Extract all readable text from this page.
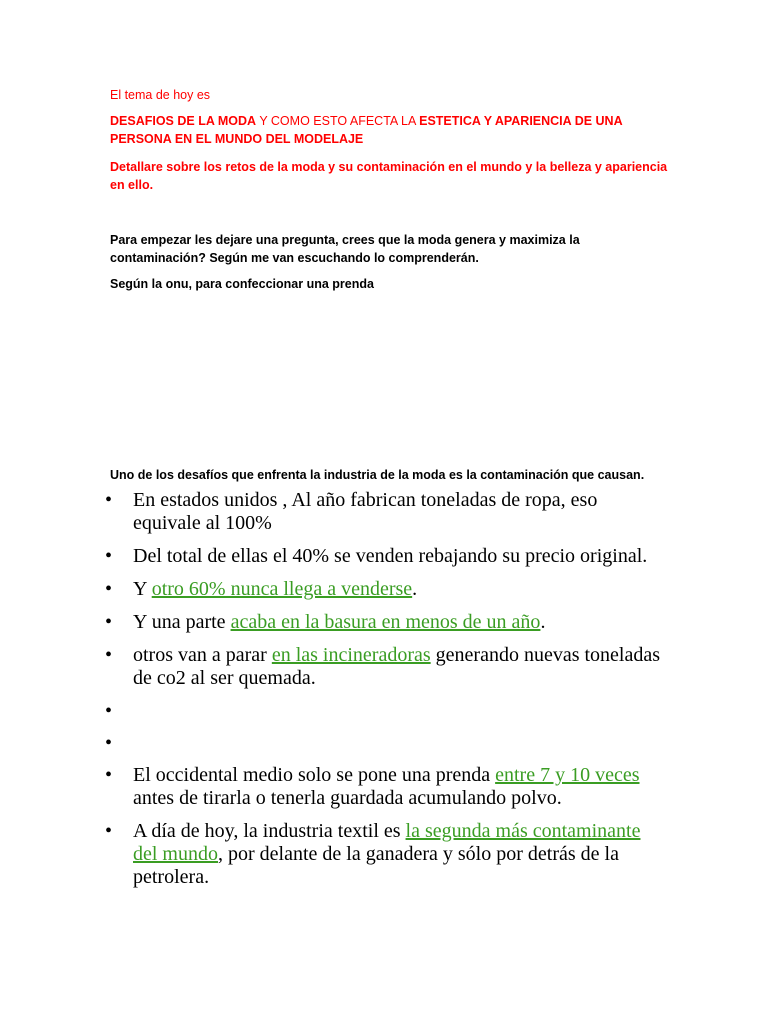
El tema de hoy es

DESAFIOS DE LA MODA Y COMO ESTO AFECTA LA ESTETICA Y APARIENCIA DE UNA PERSONA EN EL MUNDO DEL MODELAJE

Detallare sobre los retos de la moda y su contaminación en el mundo y la belleza y apariencia en ello.

Para empezar les dejare una pregunta, crees que la moda genera y maximiza la contaminación? Según me van escuchando lo comprenderán.

Según la onu, para confeccionar una prenda

Uno de los desafíos que enfrenta la industria de la moda es la contaminación que causan.

•	En estados unidos , Al año fabrican toneladas de ropa, eso equivale al 100%
•	Del total de ellas el 40% se venden rebajando su precio original.
•	Y otro 60% nunca llega a venderse.
•	Y una parte acaba en la basura en menos de un año.
•	otros van a parar en las incineradoras generando nuevas toneladas de co2 al ser quemada.
•
•
•	El occidental medio solo se pone una prenda entre 7 y 10 veces antes de tirarla o tenerla guardada acumulando polvo.
•	A día de hoy, la industria textil es la segunda más contaminante del mundo, por delante de la ganadera y sólo por detrás de la petrolera.
